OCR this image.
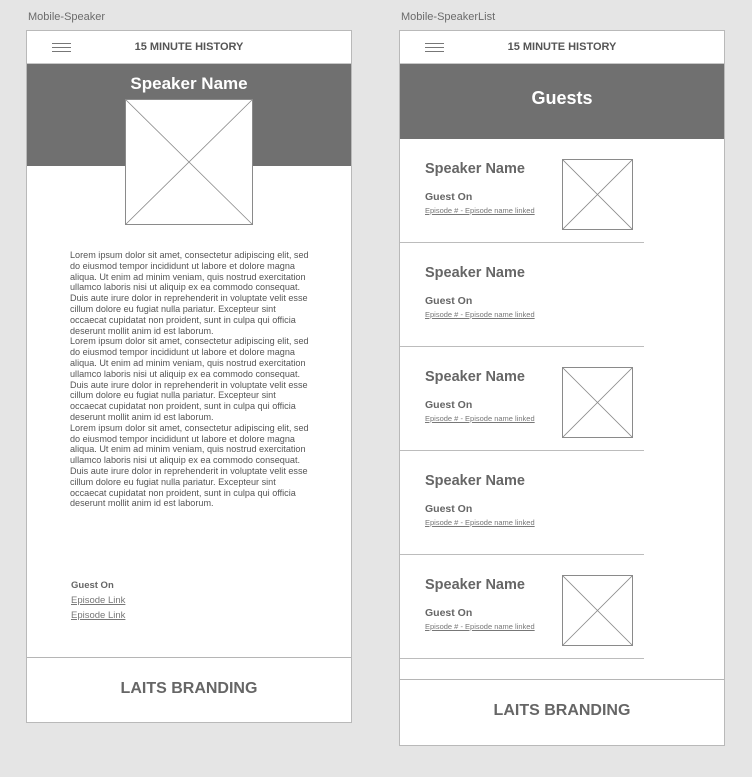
Mobile-Speaker	Mobile-SpeakerList
15 MINUTE HISTORY
Speaker Name

Lorem ipsum dolor sit amet, consectetur adipiscing elit, sed do eiusmod tempor incididunt ut labore et dolore magna aliqua. Ut enim ad minim veniam, quis nostrud exercitation ullamco laboris nisi ut aliquip ex ea commodo consequat. Duis aute irure dolor in reprehenderit in voluptate velit esse cillum dolore eu fugiat nulla pariatur. Excepteur sint occaecat cupidatat non proident, sunt in culpa qui officia deserunt mollit anim id est laborum.

Lorem ipsum dolor sit amet, consectetur adipiscing elit, sed do eiusmod tempor incididunt ut labore et dolore magna aliqua. Ut enim ad minim veniam, quis nostrud exercitation ullamco laboris nisi ut aliquip ex ea commodo consequat. Duis aute irure dolor in reprehenderit in voluptate velit esse cillum dolore eu fugiat nulla pariatur. Excepteur sint occaecat cupidatat non proident, sunt in culpa qui officia deserunt mollit anim id est laborum.

Lorem ipsum dolor sit amet, consectetur adipiscing elit, sed do eiusmod tempor incididunt ut labore et dolore magna aliqua. Ut enim ad minim veniam, quis nostrud exercitation ullamco laboris nisi ut aliquip ex ea commodo consequat. Duis aute irure dolor in reprehenderit in voluptate velit esse cillum dolore eu fugiat nulla pariatur. Excepteur sint occaecat cupidatat non proident, sunt in culpa qui officia deserunt mollit anim id est laborum.

Guest On
Episode Link
Episode Link
LAITS BRANDING
15 MINUTE HISTORY
Guests
Speaker Name
Guest On
Episode # - Episode name linked
Speaker Name
Guest On
Episode # - Episode name linked
Speaker Name
Guest On
Episode # - Episode name linked
Speaker Name
Guest On
Episode # - Episode name linked
Speaker Name
Guest On
Episode # - Episode name linked
LAITS BRANDING
